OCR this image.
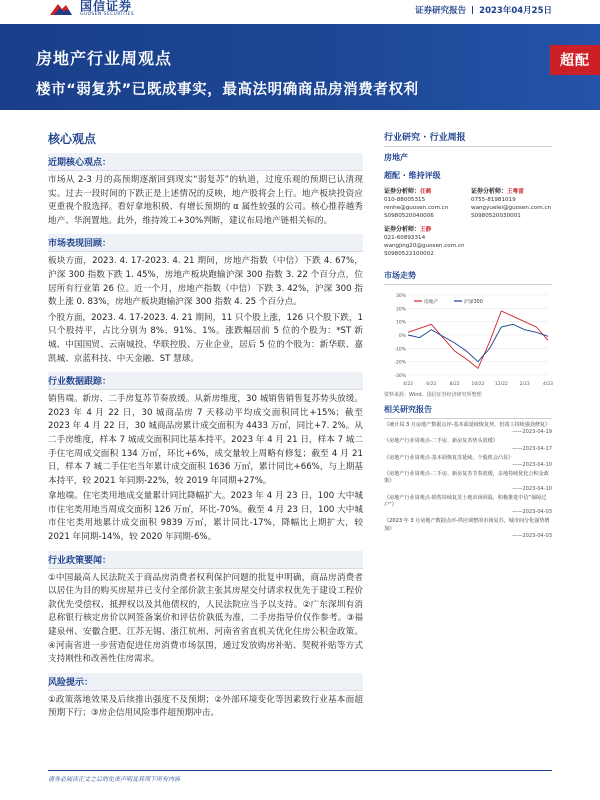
国信证券
GUOSEN SECURITIES	证券研究报告 2023年04月25日
房地产行业周观点
楼市“弱复苏”已既成事实，最高法明确商品房消费者权利
超配
核心观点
近期核心观点：
市场从 2-3 月的高预期逐渐回到现实“弱复苏”的轨道，过度乐观的预期已认清现实。过去一段时间的下跌正是上述情况的反映，地产股将会上行。地产板块投资应更重视个股选择。看好拿地积极、有增长预期的 α 属性较强的公司。核心推荐越秀地产、华润置地。此外，维持竣工+30%判断，建议布局地产链相关标的。
市场表现回顾：
板块方面，2023. 4. 17-2023. 4. 21 期间，房地产指数（中信）下跌 4. 67%，沪深 300 指数下跌 1. 45%，房地产板块跑输沪深 300 指数 3. 22 个百分点，位居所有行业第 26 位。近一个月，房地产指数（中信）下跌 3. 42%，沪深 300 指数上涨 0. 83%，房地产板块跑输沪深 300 指数 4. 25 个百分点。
个股方面，2023. 4. 17-2023. 4. 21 期间，11 只个股上涨，126 只个股下跌，1 只个股持平，占比分别为 8%、91%、1%。涨跌幅居前 5 位的个股为：*ST 新城、中国国贸、云南城投、华联控股、万业企业，居后 5 位的个股为：新华联、嘉凯城、京蓝科技、中天金融、ST 慧球。
行业数据跟踪：
销售端。新房、二手房复苏节奏放缓。从新房维度，30 城销售销售复苏势头放缓。2023 年 4 月 22 日，30 城商品房 7 天移动平均成交面积同比+15%；截至 2023 年 4 月 22 日，30 城商品房累计成交面积为 4433 万㎡，同比+7. 2%。从二手房维度，样本 7 城成交面积同比基本持平。2023 年 4 月 21 日，样本 7 城二手住宅周成交面积 134 万㎡，环比+6%，成交量较上周略有修复；截至 4 月 21 日，样本 7 城二手住宅当年累计成交面积 1636 万㎡，累计同比+66%，与上期基本持平，较 2021 年同期-22%，较 2019 年同期+27%。
拿地端。住宅类用地成交量累计同比降幅扩大。2023 年 4 月 23 日，100 大中城市住宅类用地当周成交面积 126 万㎡，环比-70%。截至 4 月 23 日，100 大中城市住宅类用地累计成交面积 9839 万㎡，累计同比-17%，降幅比上期扩大，较 2021 年同期-14%，较 2020 年同期-6%。
行业政策要闻：
①中国最高人民法院关于商品房消费者权利保护问题的批复申明确，商品房消费者以居住为目的购买房屋并已支付全部价款主张其房屋交付请求权优先于建设工程价款优先受偿权、抵押权以及其他债权的，人民法院应当予以支持。②广东深圳有消息称银行核定房价以网签备案价和评估价孰低为准，二手房指导价仅作参考。③福建泉州、安徽合肥、江苏无锡、浙江杭州、河南省省直机关优化住房公积金政策。④河南省进一步营造促进住房消费市场氛围，通过发放购房补贴、契税补贴等方式支持刚性和改善性住房需求。
风险提示：
①政策落地效果及后续推出强度不及预期；②外部环境变化等因素致行业基本面超预期下行；③房企信用风险事件超预期冲击。
行业研究 · 行业周报
房地产
超配 · 维持评级
证券分析师：任鹤
010-88005315
renhe@guosen.com.cn
S0980520040006
证券分析师：王粤雷
0755-81981019
wangyuelei@guosen.com.cn
S0980520030001
证券分析师：王静
021-60893314
wangjing20@guosen.com.cn
S0980522100002
市场走势
30%
20%
10%
0%
-10%
-20%
-30%
4/22	6/22	8/22	10/22 12/22	2/23	4/23
房地产	沪深300
资料来源：Wind、国信证券经济研究所整理
相关研究报告
《统计局 3 月房地产数据点评-基本面延续恢复势，但竣工持续强劲修复》
——2023-04-19
《房地产行业周观点-二手房、新房复苏势头放缓》
——2023-04-17
《房地产行业周观点-基本面恢复苏延续，个股机会凸显》
——2023-04-10
《房地产行业周观点-二手房、新房复苏节奏放缓，多地持续优化公积金政策》
——2023-04-10
《房地产行业周观点-销售持续复苏土地市场回温，积极推进中信“保障过户”》
——2023-04-03
《2023 年 3 月房地产数据点评-供应调整的市场复苏，城市间分化强势增加》
——2023-04-03
请务必阅读正文之后的免责声明及其项下所有内容
